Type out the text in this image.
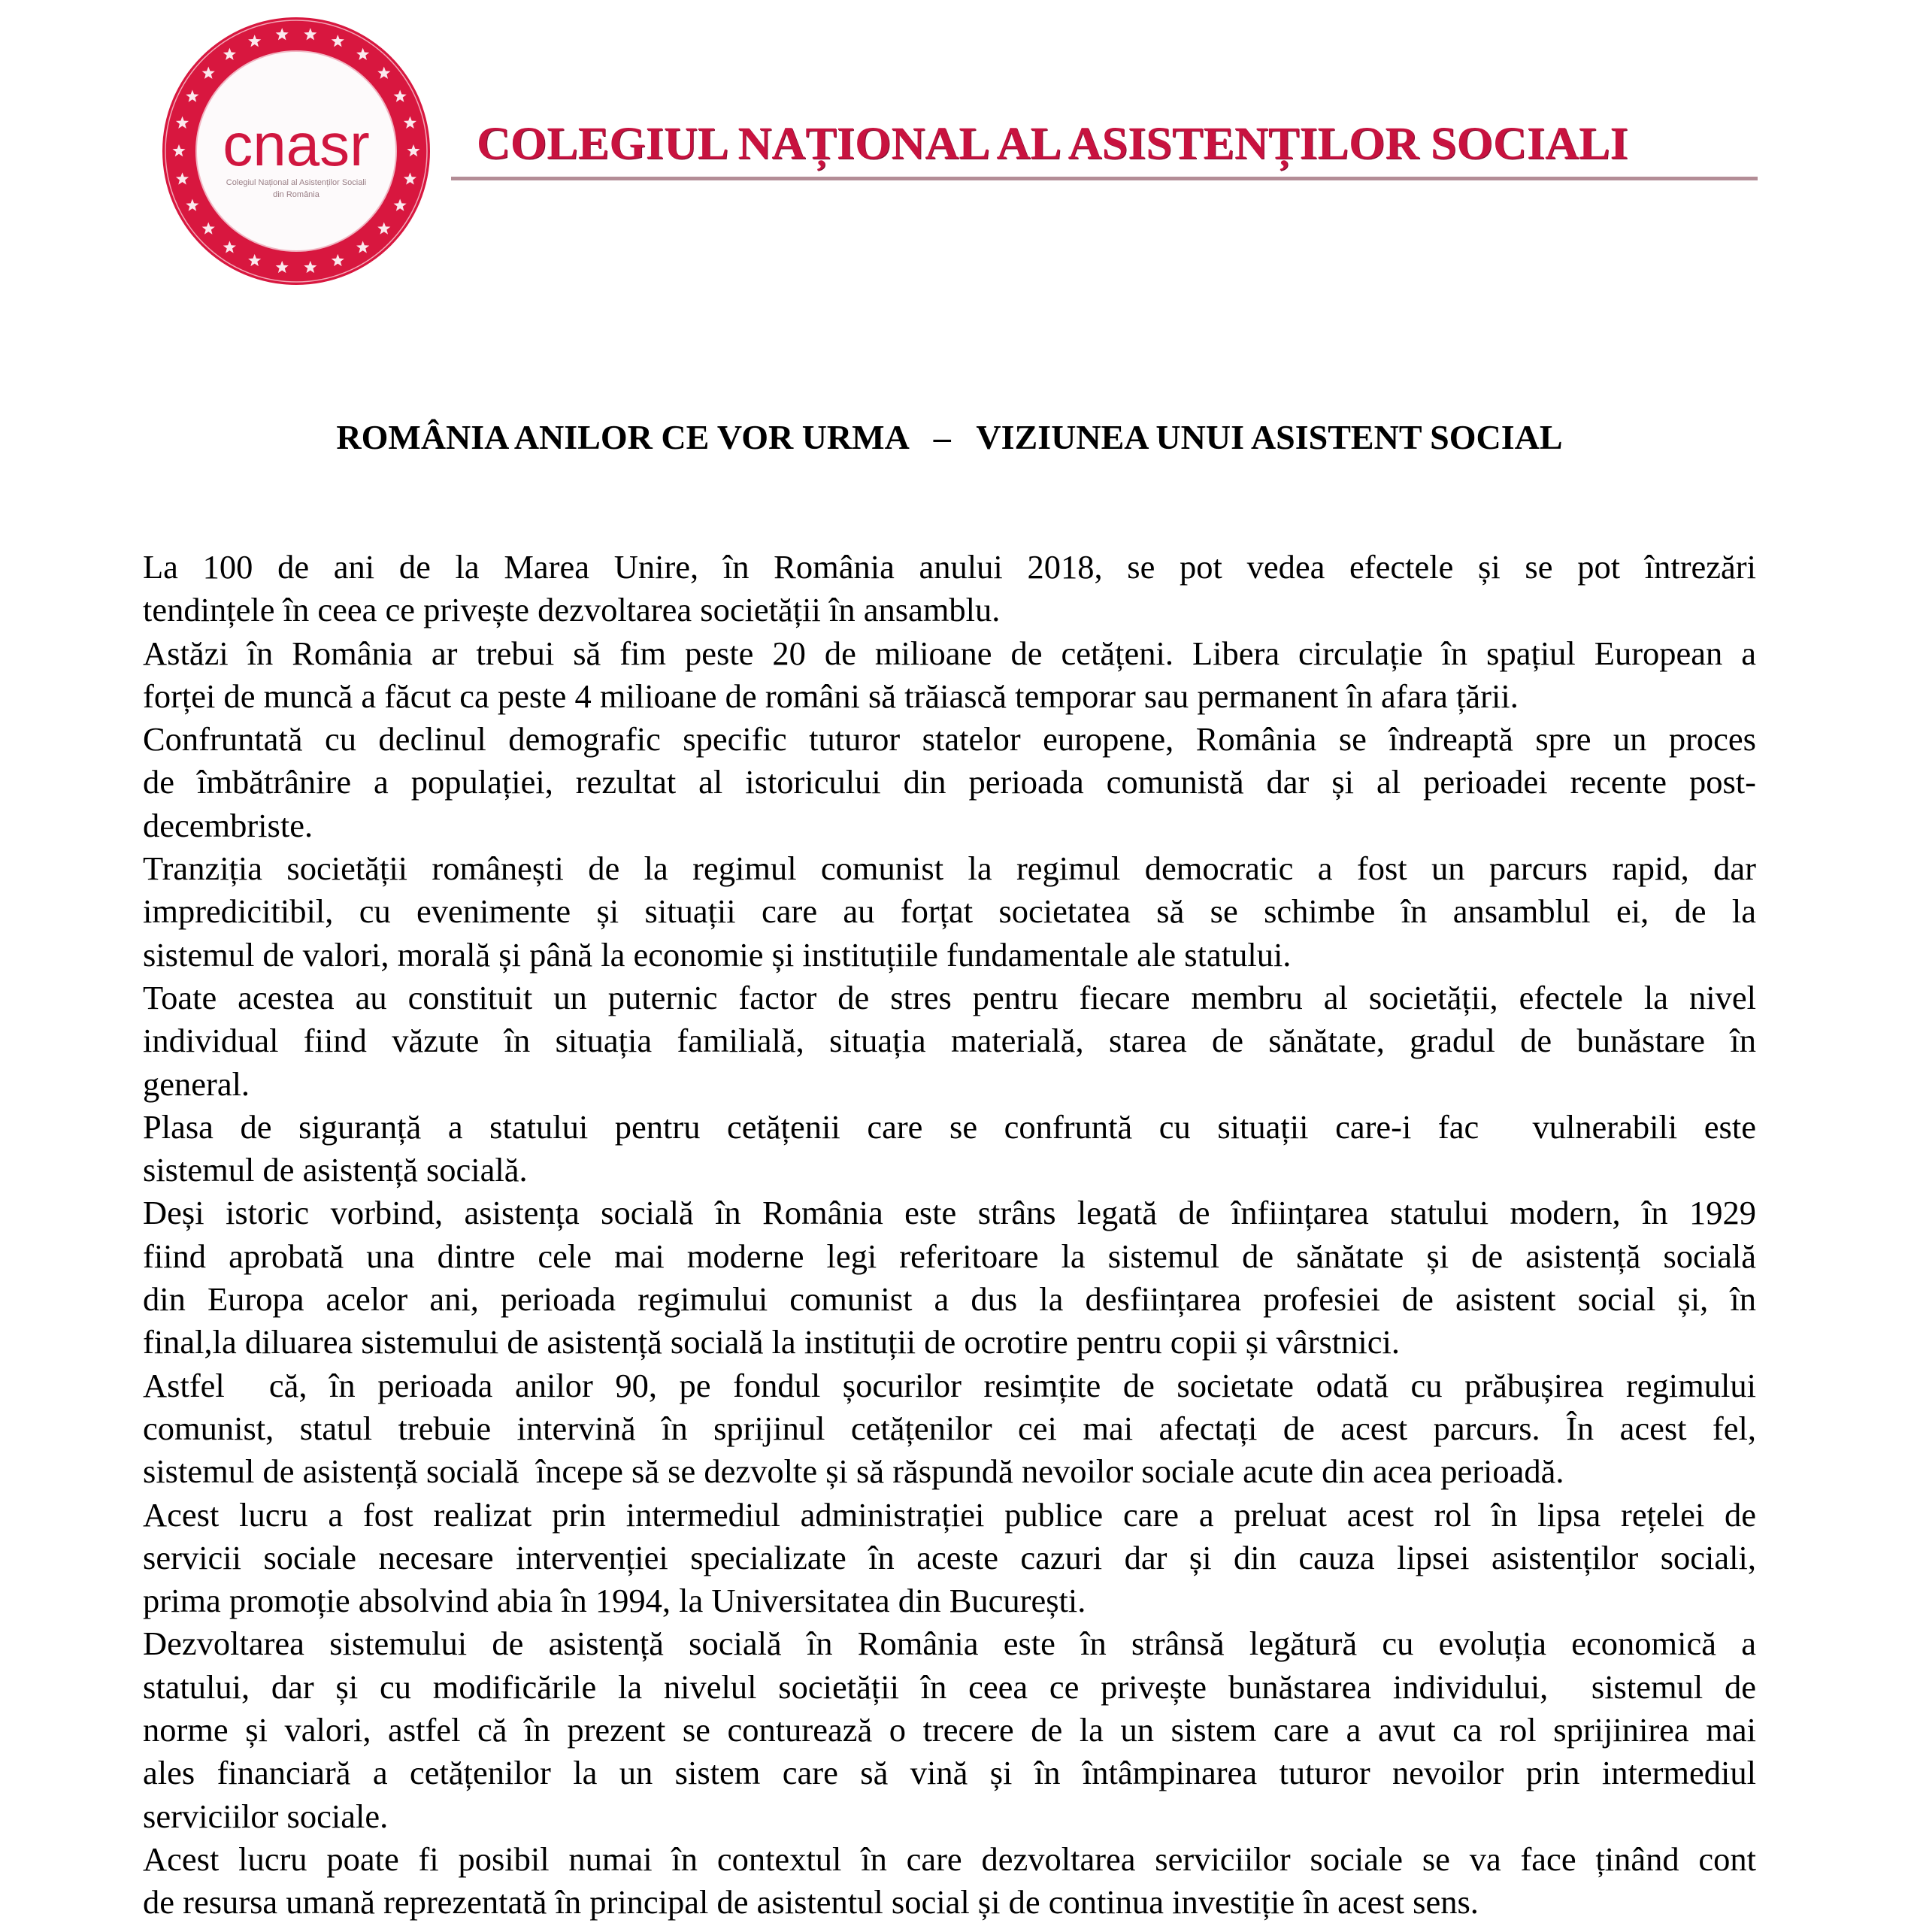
cnasr
Colegiul Național al Asistenților Sociali
din România
COLEGIUL NAȚIONAL AL ASISTENȚILOR SOCIALI
ROMÂNIA ANILOR CE VOR URMA   –   VIZIUNEA UNUI ASISTENT SOCIAL
La 100 de ani de la Marea Unire, în România anului 2018, se pot vedea efectele și se pot întrezări
tendințele în ceea ce privește dezvoltarea societății în ansamblu.
Astăzi în România ar trebui să fim peste 20 de milioane de cetățeni. Libera circulație în spațiul European a
forței de muncă a făcut ca peste 4 milioane de români să trăiască temporar sau permanent în afara țării.
Confruntată cu declinul demografic specific tuturor statelor europene, România se îndreaptă spre un proces
de îmbătrânire a populației, rezultat al istoricului din perioada comunistă dar și al perioadei recente post-
decembriste.
Tranziția societății românești de la regimul comunist la regimul democratic a fost un parcurs rapid, dar
impredicitibil, cu evenimente și situații care au forțat societatea să se schimbe în ansamblul ei, de la
sistemul de valori, morală și până la economie și instituțiile fundamentale ale statului.
Toate acestea au constituit un puternic factor de stres pentru fiecare membru al societății, efectele la nivel
individual fiind văzute în situația familială, situația materială, starea de sănătate, gradul de bunăstare în
general.
Plasa de siguranță a statului pentru cetățenii care se confruntă cu situații care-i fac  vulnerabili este
sistemul de asistență socială.
Deși istoric vorbind, asistența socială în România este strâns legată de înființarea statului modern, în 1929
fiind aprobată una dintre cele mai moderne legi referitoare la sistemul de sănătate și de asistență socială
din Europa acelor ani, perioada regimului comunist a dus la desființarea profesiei de asistent social și, în
final,la diluarea sistemului de asistență socială la instituții de ocrotire pentru copii și vârstnici.
Astfel  că, în perioada anilor 90, pe fondul șocurilor resimțite de societate odată cu prăbușirea regimului
comunist, statul trebuie intervină în sprijinul cetățenilor cei mai afectați de acest parcurs. În acest fel,
sistemul de asistență socială  începe să se dezvolte și să răspundă nevoilor sociale acute din acea perioadă.
Acest lucru a fost realizat prin intermediul administrației publice care a preluat acest rol în lipsa rețelei de
servicii sociale necesare intervenției specializate în aceste cazuri dar și din cauza lipsei asistenților sociali,
prima promoție absolvind abia în 1994, la Universitatea din București.
Dezvoltarea sistemului de asistență socială în România este în strânsă legătură cu evoluția economică a
statului, dar și cu modificările la nivelul societății în ceea ce privește bunăstarea individului,  sistemul de
norme și valori, astfel că în prezent se conturează o trecere de la un sistem care a avut ca rol sprijinirea mai
ales financiară a cetățenilor la un sistem care să vină și în întâmpinarea tuturor nevoilor prin intermediul
serviciilor sociale.
Acest lucru poate fi posibil numai în contextul în care dezvoltarea serviciilor sociale se va face ținând cont
de resursa umană reprezentată în principal de asistentul social și de continua investiție în acest sens.
